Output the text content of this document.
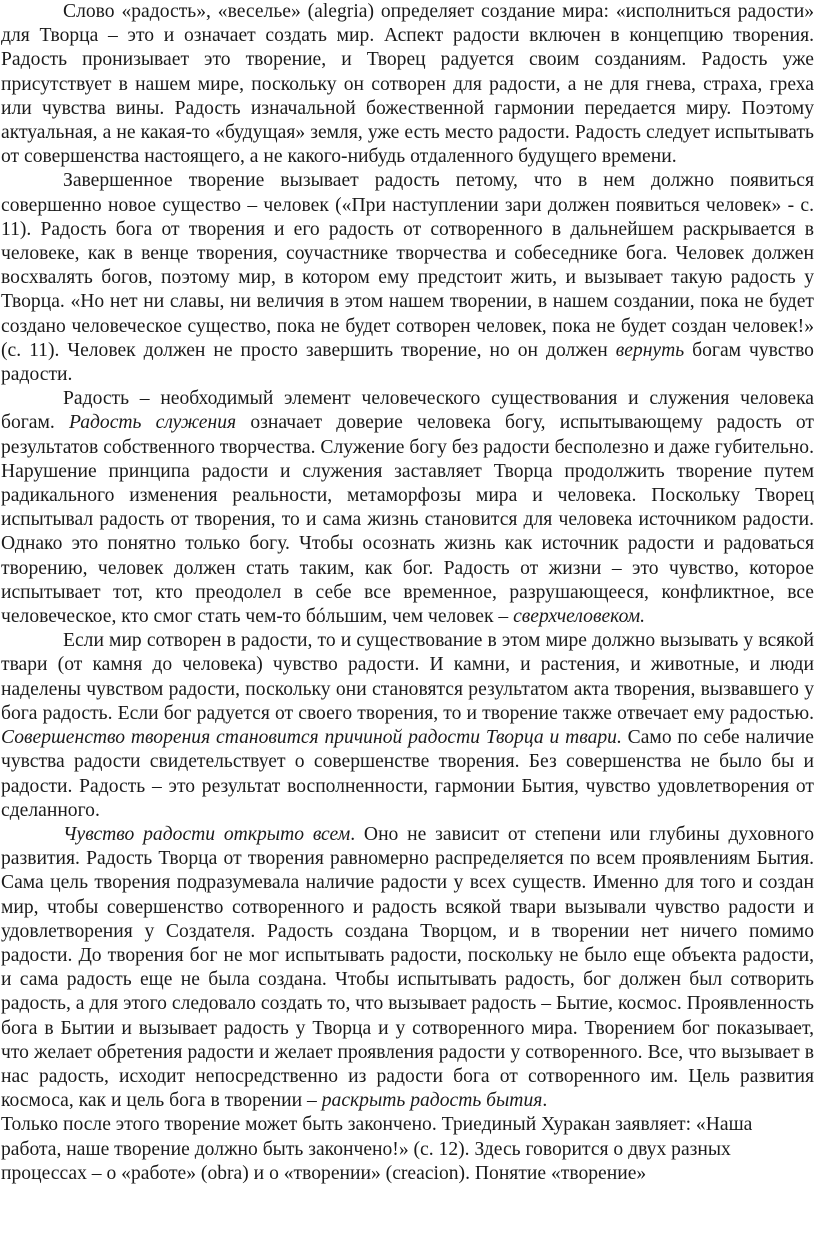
Слово «радость», «веселье» (alegria) определяет создание мира: «исполниться радости» для Творца – это и означает создать мир. Аспект радости включен в концепцию творения. Радость пронизывает это творение, и Творец радуется своим созданиям. Радость уже присутствует в нашем мире, поскольку он сотворен для радости, а не для гнева, страха, греха или чувства вины. Радость изначальной божественной гармонии передается миру. Поэтому актуальная, а не какая-то «будущая» земля, уже есть место радости. Радость следует испытывать от совершенства настоящего, а не какого-нибудь отдаленного будущего времени.

Завершенное творение вызывает радость петому, что в нем должно появиться совершенно новое существо – человек («При наступлении зари должен появиться человек» - с. 11). Радость бога от творения и его радость от сотворенного в дальнейшем раскрывается в человеке, как в венце творения, соучастнике творчества и собеседнике бога. Человек должен восхвалять богов, поэтому мир, в котором ему предстоит жить, и вызывает такую радость у Творца. «Но нет ни славы, ни величия в этом нашем творении, в нашем создании, пока не будет создано человеческое существо, пока не будет сотворен человек, пока не будет создан человек!» (с. 11). Человек должен не просто завершить творение, но он должен вернуть богам чувство радости.

Радость – необходимый элемент человеческого существования и служения человека богам. Радость служения означает доверие человека богу, испытывающему радость от результатов собственного творчества. Служение богу без радости бесполезно и даже губительно. Нарушение принципа радости и служения заставляет Творца продолжить творение путем радикального изменения реальности, метаморфозы мира и человека. Поскольку Творец испытывал радость от творения, то и сама жизнь становится для человека источником радости. Однако это понятно только богу. Чтобы осознать жизнь как источник радости и радоваться творению, человек должен стать таким, как бог. Радость от жизни – это чувство, которое испытывает тот, кто преодолел в себе все временное, разрушающееся, конфликтное, все человеческое, кто смог стать чем-то бóльшим, чем человек – сверхчеловеком.

Если мир сотворен в радости, то и существование в этом мире должно вызывать у всякой твари (от камня до человека) чувство радости. И камни, и растения, и животные, и люди наделены чувством радости, поскольку они становятся результатом акта творения, вызвавшего у бога радость. Если бог радуется от своего творения, то и творение также отвечает ему радостью. Совершенство творения становится причиной радости Творца и твари. Само по себе наличие чувства радости свидетельствует о совершенстве творения. Без совершенства не было бы и радости. Радость – это результат восполненности, гармонии Бытия, чувство удовлетворения от сделанного.

Чувство радости открыто всем. Оно не зависит от степени или глубины духовного развития. Радость Творца от творения равномерно распределяется по всем проявлениям Бытия. Сама цель творения подразумевала наличие радости у всех существ. Именно для того и создан мир, чтобы совершенство сотворенного и радость всякой твари вызывали чувство радости и удовлетворения у Создателя. Радость создана Творцом, и в творении нет ничего помимо радости. До творения бог не мог испытывать радости, поскольку не было еще объекта радости, и сама радость еще не была создана. Чтобы испытывать радость, бог должен был сотворить радость, а для этого следовало создать то, что вызывает радость – Бытие, космос. Проявленность бога в Бытии и вызывает радость у Творца и у сотворенного мира. Творением бог показывает, что желает обретения радости и желает проявления радости у сотворенного. Все, что вызывает в нас радость, исходит непосредственно из радости бога от сотворенного им. Цель развития космоса, как и цель бога в творении – раскрыть радость бытия.

Только после этого творение может быть закончено. Триединый Хуракан заявляет: «Наша работа, наше творение должно быть закончено!» (с. 12). Здесь говорится о двух разных процессах – о «работе» (obra) и о «творении» (creacion). Понятие «творение»
